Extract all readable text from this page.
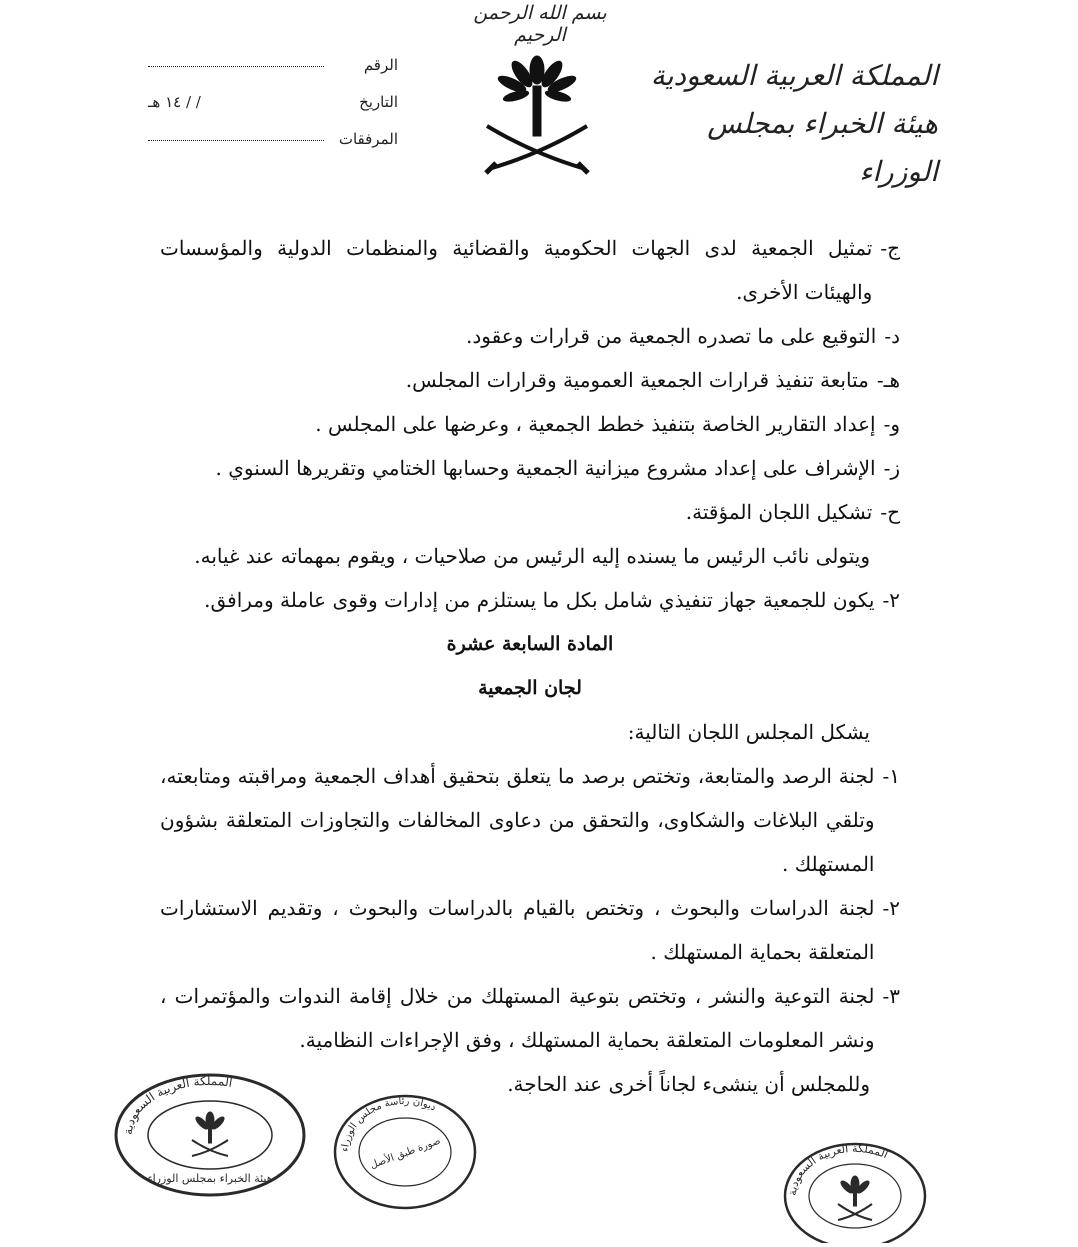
بسم الله الرحمن الرحيم
المملكة العربية السعودية
هيئة الخبراء بمجلس الوزراء
الرقم
التاريخ
١٤ هـ / /
المرفقات
ج-
تمثيل الجمعية لدى الجهات الحكومية والقضائية والمنظمات الدولية والمؤسسات والهيئات الأخرى.
د-
التوقيع على ما تصدره الجمعية من قرارات وعقود.
هـ-
متابعة تنفيذ قرارات الجمعية العمومية وقرارات المجلس.
و-
إعداد التقارير الخاصة بتنفيذ خطط الجمعية ، وعرضها على المجلس .
ز-
الإشراف على إعداد مشروع ميزانية الجمعية وحسابها الختامي وتقريرها السنوي .
ح-
تشكيل اللجان المؤقتة.
ويتولى نائب الرئيس ما يسنده إليه الرئيس من صلاحيات ، ويقوم بمهماته عند غيابه.
٢-
يكون للجمعية جهاز تنفيذي شامل بكل ما يستلزم من إدارات وقوى عاملة ومرافق.
المادة السابعة عشرة
لجان الجمعية
يشكل المجلس اللجان التالية:
١-
لجنة الرصد والمتابعة، وتختص برصد ما يتعلق بتحقيق أهداف الجمعية ومراقبته ومتابعته، وتلقي البلاغات والشكاوى، والتحقق من دعاوى المخالفات والتجاوزات المتعلقة بشؤون المستهلك .
٢-
لجنة الدراسات والبحوث ، وتختص بالقيام بالدراسات والبحوث ، وتقديم الاستشارات المتعلقة بحماية المستهلك .
٣-
لجنة التوعية والنشر ، وتختص بتوعية المستهلك من خلال إقامة الندوات والمؤتمرات ، ونشر المعلومات المتعلقة بحماية المستهلك ، وفق الإجراءات النظامية.
وللمجلس أن ينشىء لجاناً أخرى عند الحاجة.
المملكة العربية السعودية
هيئة الخبراء بمجلس الوزراء
ديوان رئاسة مجلس الوزراء
صورة طبق الأصل
المملكة العربية السعودية
